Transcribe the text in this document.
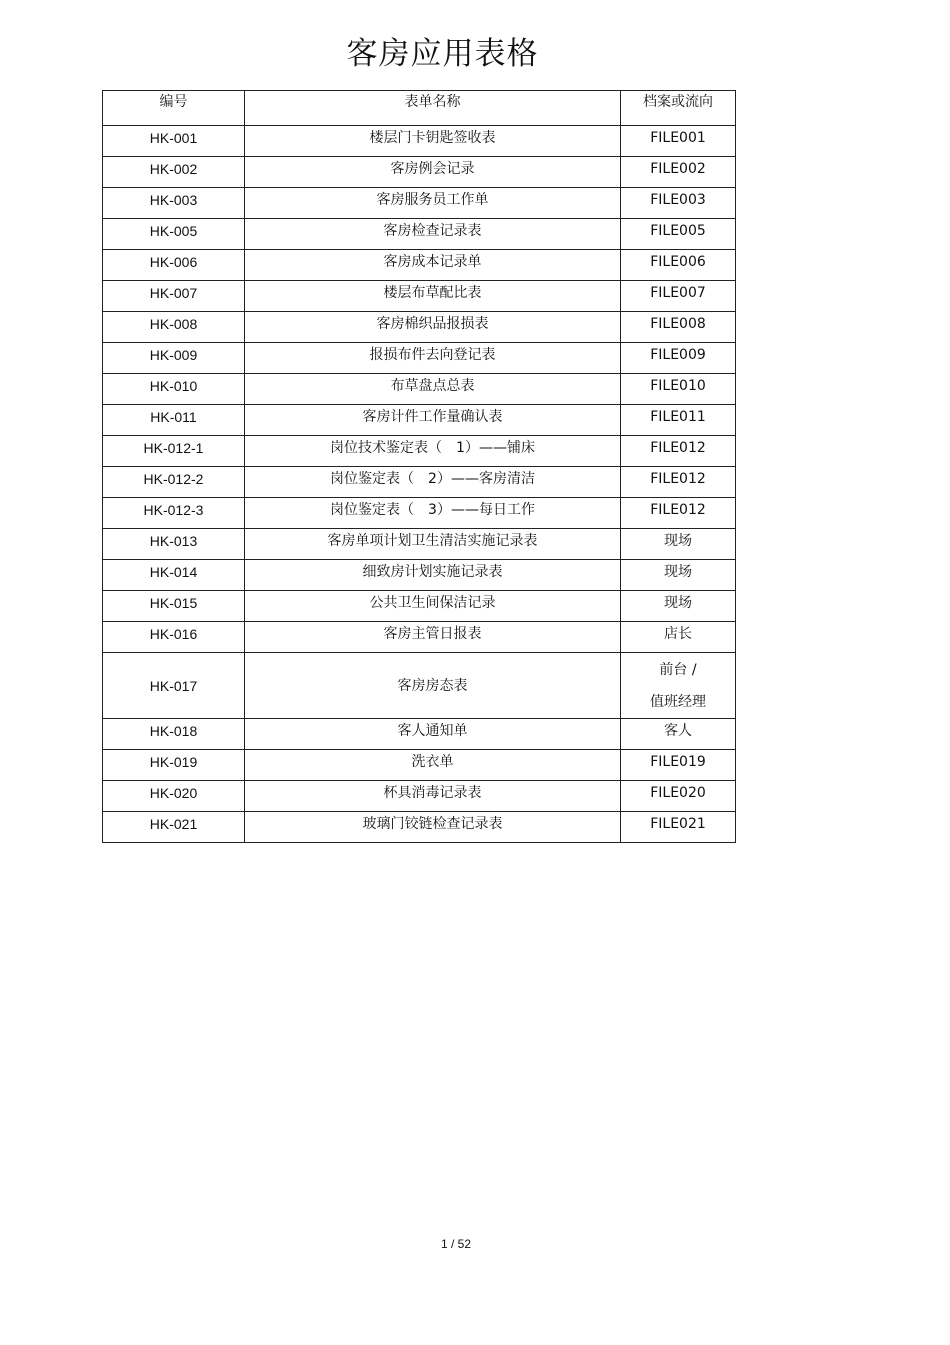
客房应用表格
编号	表单名称	档案或流向
HK-001	楼层门卡钥匙签收表	FILE001

HK-002	客房例会记录	FILE002

HK-003	客房服务员工作单	FILE003

HK-005	客房检查记录表	FILE005

HK-006	客房成本记录单	FILE006

HK-007	楼层布草配比表	FILE007

HK-008	客房棉织品报损表	FILE008

HK-009	报损布件去向登记表	FILE009

HK-010	布草盘点总表	FILE010

HK-011	客房计件工作量确认表	FILE011

HK-012-1	岗位技术鉴定表（　1）——铺床	FILE012

HK-012-2	岗位鉴定表（　2）——客房清洁	FILE012

HK-012-3	岗位鉴定表（　3）——每日工作	FILE012

HK-013	客房单项计划卫生清洁实施记录表	现场

HK-014	细致房计划实施记录表	现场

HK-015	公共卫生间保洁记录	现场

HK-016	客房主管日报表	店长

HK-017	客房房态表	前台 /
值班经理

HK-018	客人通知单	客人

HK-019	洗衣单	FILE019

HK-020	杯具消毒记录表	FILE020

HK-021	玻璃门铰链检查记录表	FILE021
1 / 52
